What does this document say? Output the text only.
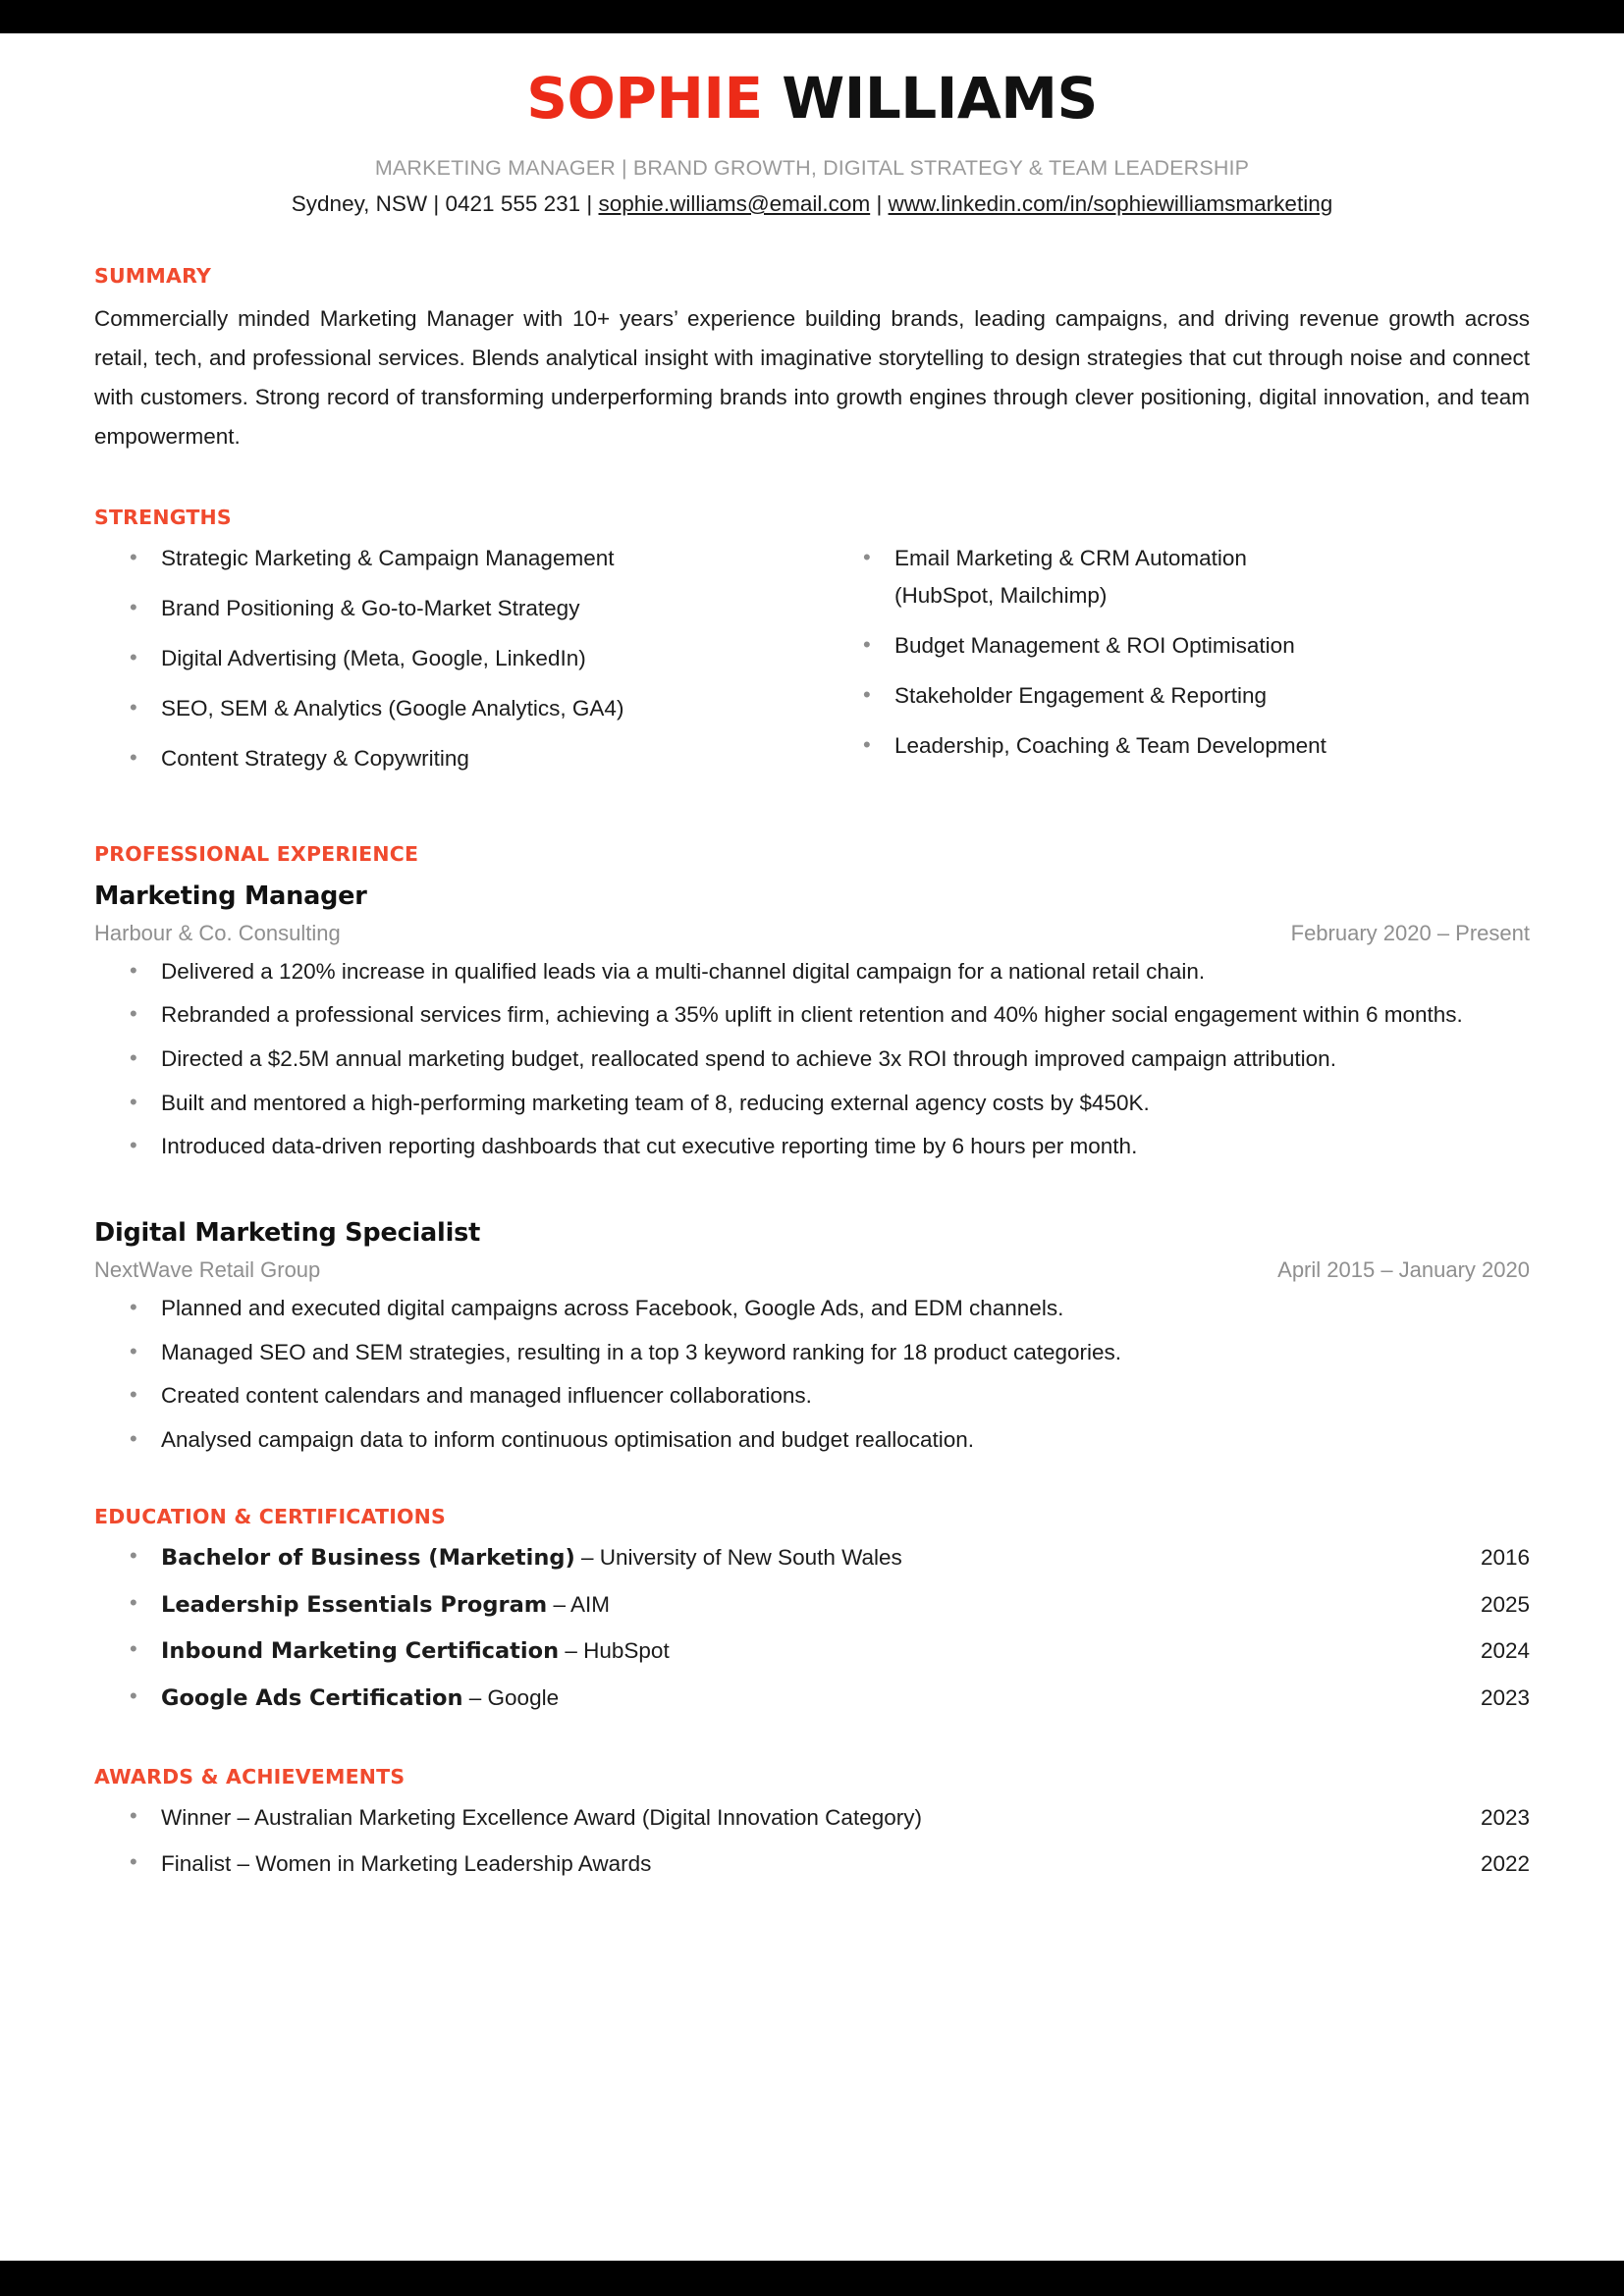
SOPHIE WILLIAMS
MARKETING MANAGER | BRAND GROWTH, DIGITAL STRATEGY & TEAM LEADERSHIP
Sydney, NSW | 0421 555 231 | sophie.williams@email.com | www.linkedin.com/in/sophiewilliamsmarketing
SUMMARY

Commercially minded Marketing Manager with 10+ years’ experience building brands, leading campaigns, and driving revenue growth across retail, tech, and professional services. Blends analytical insight with imaginative storytelling to design strategies that cut through noise and connect with customers. Strong record of transforming underperforming brands into growth engines through clever positioning, digital innovation, and team empowerment.

STRENGTHS
• Strategic Marketing & Campaign Management
• Brand Positioning & Go-to-Market Strategy
• Digital Advertising (Meta, Google, LinkedIn)
• SEO, SEM & Analytics (Google Analytics, GA4)
• Content Strategy & Copywriting
• Email Marketing & CRM Automation
(HubSpot, Mailchimp)
• Budget Management & ROI Optimisation
• Stakeholder Engagement & Reporting
• Leadership, Coaching & Team Development
PROFESSIONAL EXPERIENCE
Marketing Manager
Harbour & Co. Consulting	February 2020 – Present
• Delivered a 120% increase in qualified leads via a multi-channel digital campaign for a national retail chain.
• Rebranded a professional services firm, achieving a 35% uplift in client retention and 40% higher social engagement within 6 months.
• Directed a $2.5M annual marketing budget, reallocated spend to achieve 3x ROI through improved campaign attribution.
• Built and mentored a high-performing marketing team of 8, reducing external agency costs by $450K.
• Introduced data-driven reporting dashboards that cut executive reporting time by 6 hours per month.
Digital Marketing Specialist
NextWave Retail Group	April 2015 – January 2020
• Planned and executed digital campaigns across Facebook, Google Ads, and EDM channels.
• Managed SEO and SEM strategies, resulting in a top 3 keyword ranking for 18 product categories.
• Created content calendars and managed influencer collaborations.
• Analysed campaign data to inform continuous optimisation and budget reallocation.
EDUCATION & CERTIFICATIONS
• Bachelor of Business (Marketing) – University of New South Wales	2016
• Leadership Essentials Program – AIM	2025
• Inbound Marketing Certification – HubSpot	2024
• Google Ads Certification – Google	2023
AWARDS & ACHIEVEMENTS
• Winner – Australian Marketing Excellence Award (Digital Innovation Category)	2023
• Finalist – Women in Marketing Leadership Awards	2022
